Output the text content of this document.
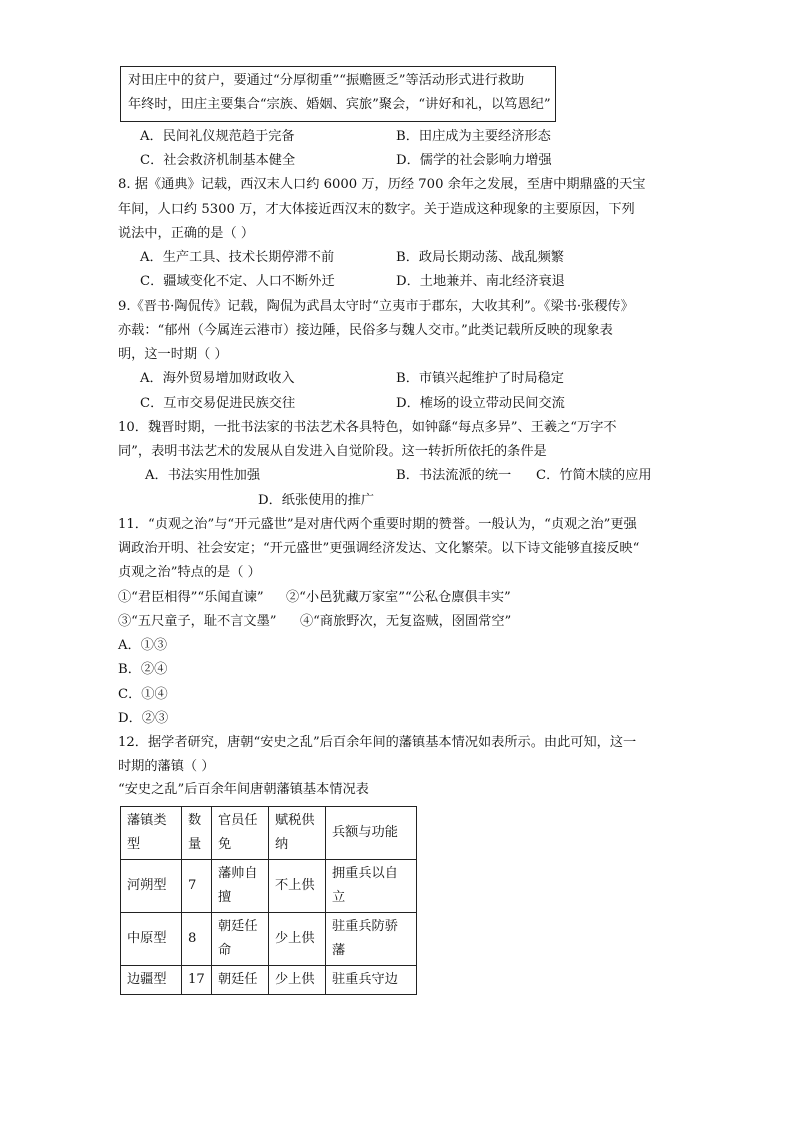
对田庄中的贫户，要通过“分厚彻重”“振赡匮乏”等活动形式进行救助
年终时，田庄主要集合“宗族、婚姻、宾旅”聚会，“讲好和礼，以笃恩纪”
A．民间礼仪规范趋于完备	B．田庄成为主要经济形态
C．社会救济机制基本健全	D．儒学的社会影响力增强
8. 据《通典》记载，西汉末人口约 6000 万，历经 700 余年之发展，至唐中期鼎盛的天宝
年间，人口约 5300 万，才大体接近西汉末的数字。关于造成这种现象的主要原因，下列
说法中，正确的是（ ）
A．生产工具、技术长期停滞不前	B．政局长期动荡、战乱频繁
C．疆域变化不定、人口不断外迁	D．土地兼并、南北经济衰退
9.《晋书·陶侃传》记载，陶侃为武昌太守时“立夷市于郡东，大收其利”。《梁书·张稷传》
亦载：“郁州（今属连云港市）接边陲，民俗多与魏人交市。”此类记载所反映的现象表
明，这一时期（ ）
A．海外贸易增加财政收入	B．市镇兴起维护了时局稳定
C．互市交易促进民族交往	D．榷场的设立带动民间交流
10．魏晋时期，一批书法家的书法艺术各具特色，如钟繇“每点多异”、王羲之“万字不
同”，表明书法艺术的发展从自发进入自觉阶段。这一转折所依托的条件是
A．书法实用性加强	B．书法流派的统一 C．竹简木牍的应用
D．纸张使用的推广
11．“贞观之治”与“开元盛世”是对唐代两个重要时期的赞誉。一般认为，“贞观之治”更强
调政治开明、社会安定；“开元盛世”更强调经济发达、文化繁荣。以下诗文能够直接反映“
贞观之治”特点的是（ ）
①“君臣相得”“乐闻直谏” ②“小邑犹藏万家室”“公私仓廪俱丰实”
③“五尺童子，耻不言文墨” ④“商旅野次，无复盗贼，囹圄常空”
A．①③
B．②④
C．①④
D．②③
12．据学者研究，唐朝“安史之乱”后百余年间的藩镇基本情况如表所示。由此可知，这一
时期的藩镇（ ）
“安史之乱”后百余年间唐朝藩镇基本情况表
藩镇类型	数量	官员任免	赋税供纳	兵额与功能
河朔型	7	藩帅自擅	不上供	拥重兵以自立
中原型	8	朝廷任命	少上供	驻重兵防骄藩
边疆型	17	朝廷任	少上供	驻重兵守边
